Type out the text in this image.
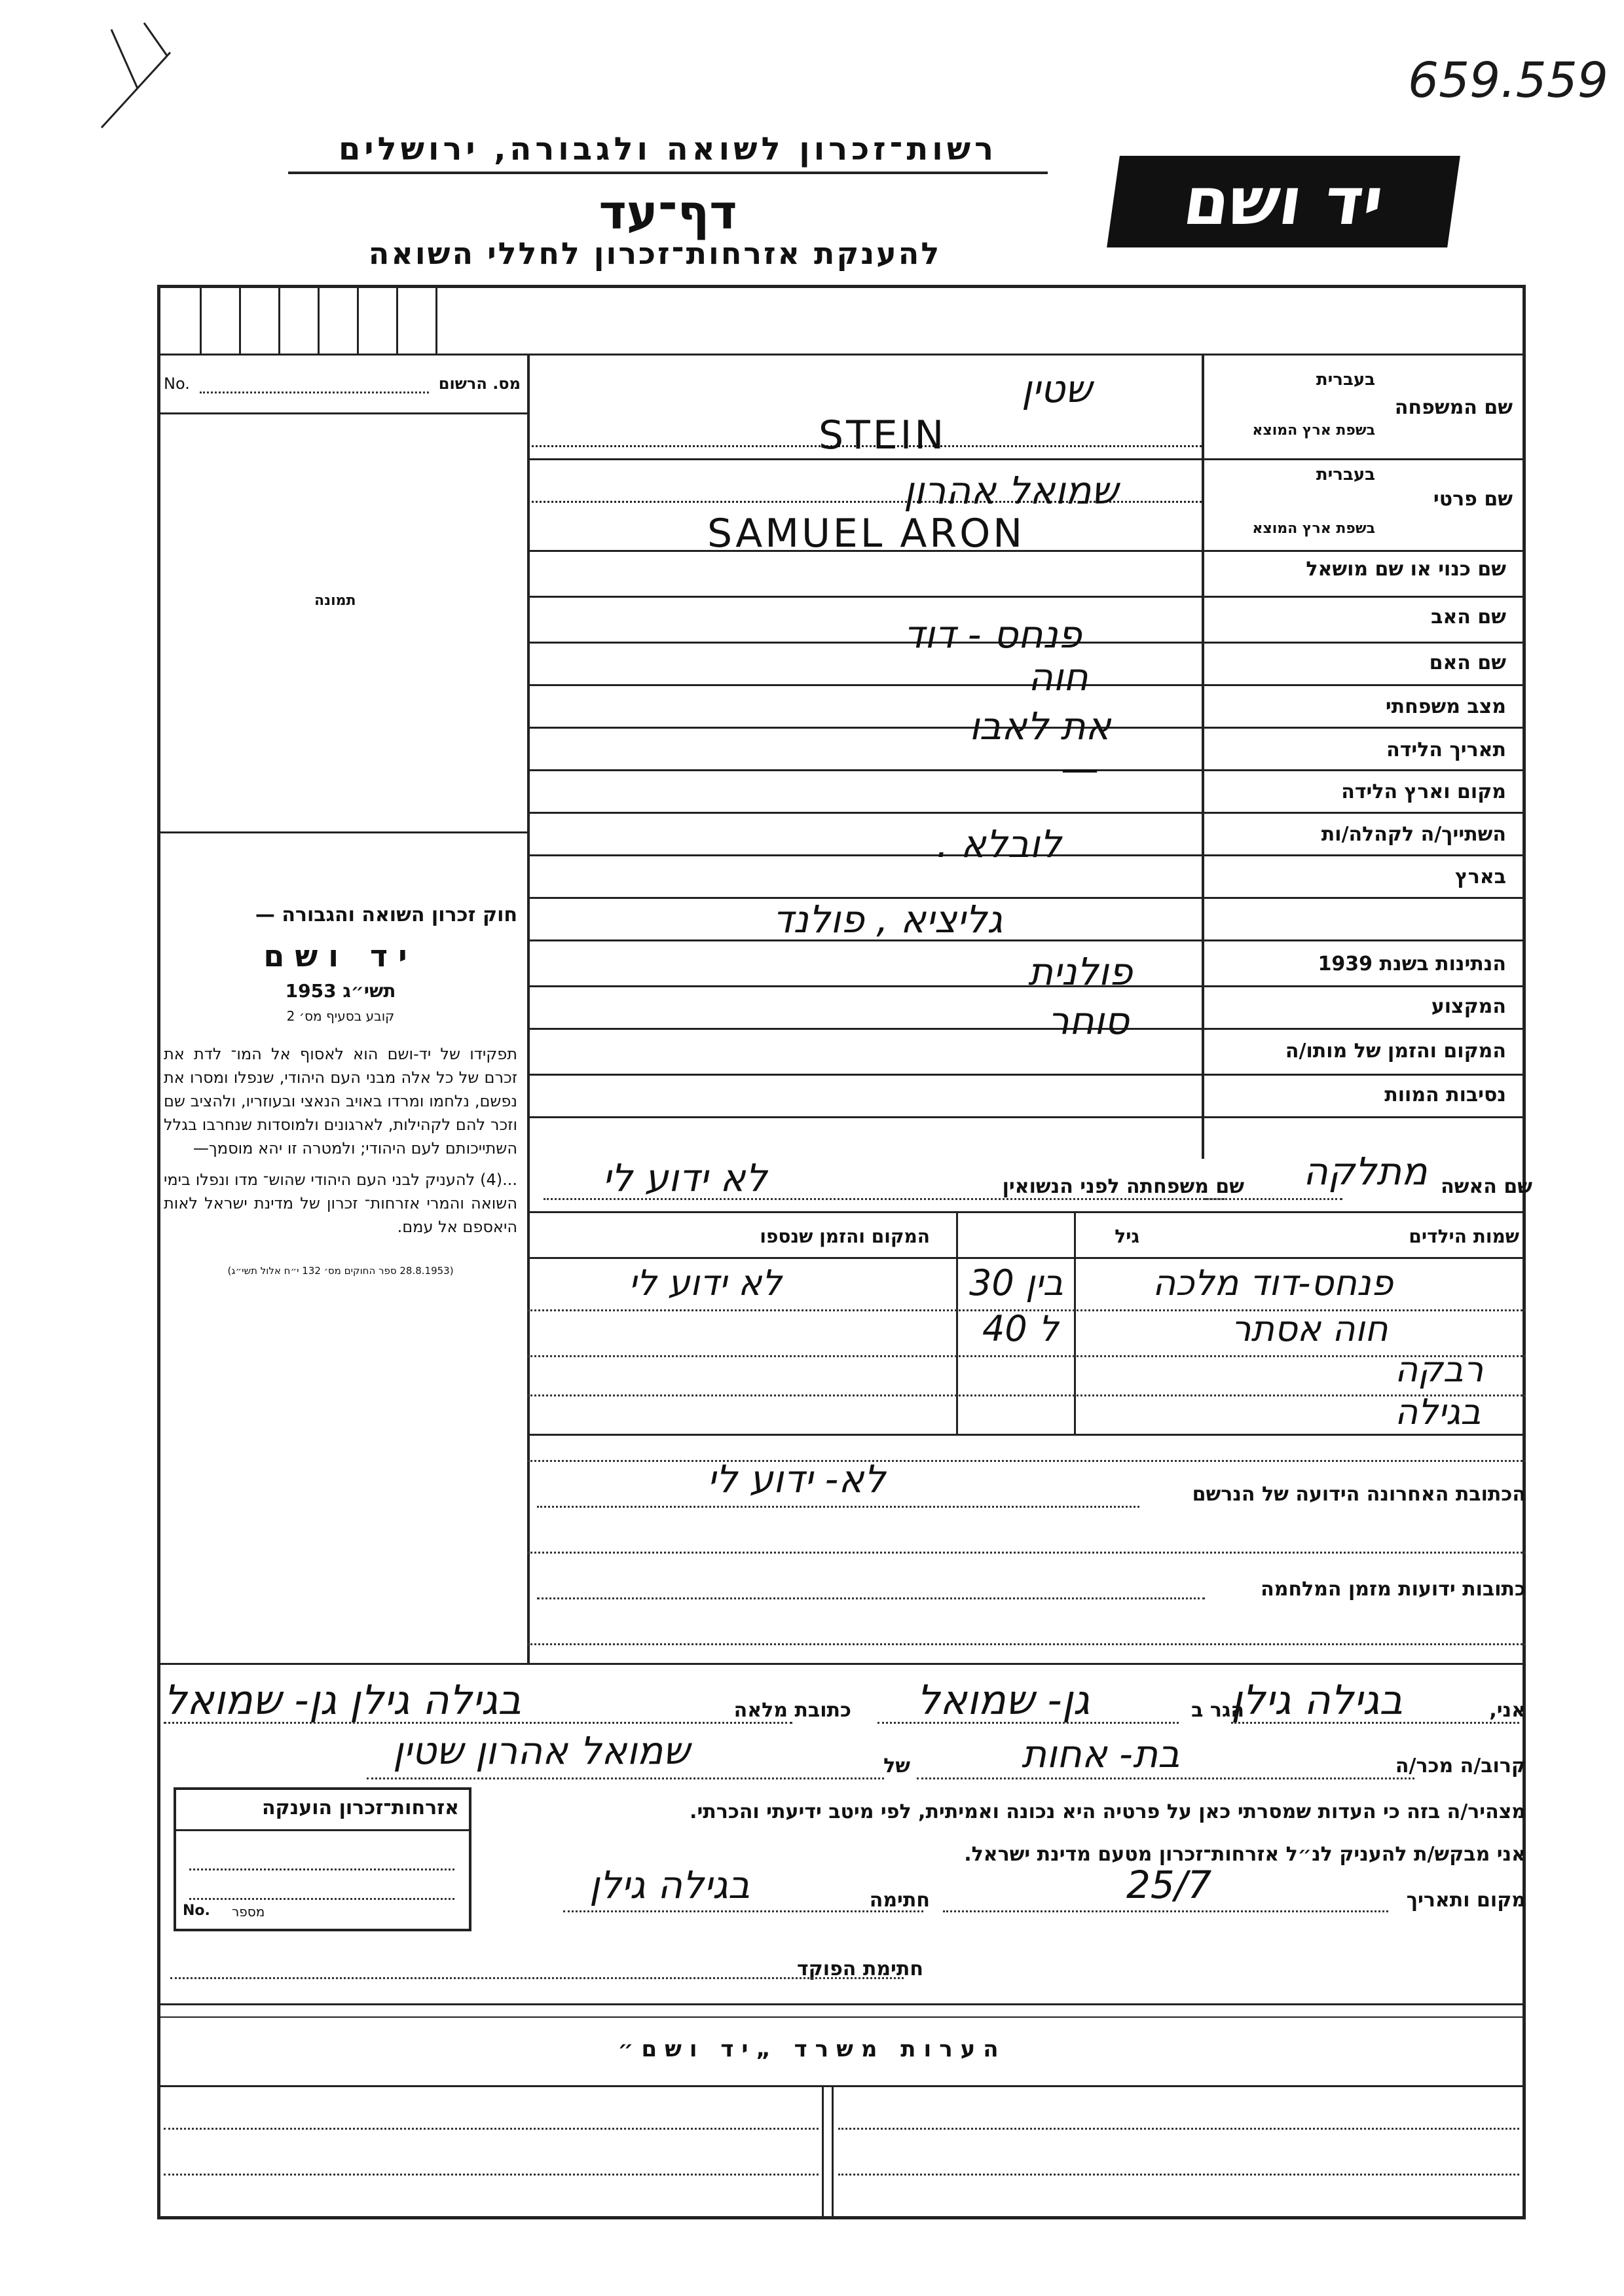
659.559
רשות־זכרון לשואה ולגבורה, ירושלים
דף־עד
להענקת אזרחות־זכרון לחללי השואה
יד ושם
No.	מס. הרשום
תמונה
שם המשפחה
בעברית
בשפת ארץ המוצא
שטין
STEIN
שם פרטי
בעברית
בשפת ארץ המוצא
שמואל אהרון
SAMUEL ARON
שם כנוי או שם מושאל
שם האב
פנחס - דוד
שם האם
חוה
מצב משפחתי
את לאבו
תאריך הלידה
—
מקום וארץ הלידה
השתייך/ה לקהלה/ות
לובלא .
בארץ
גליציא , פולנד
הנתינות בשנת 1939
פולנית
המקצוע
סוחר
המקום והזמן של מותו/ה
נסיבות המוות
שם האשה
מתלקה
שם משפחתה לפני הנשואין
לא ידוע לי
שמות הילדים
גיל
המקום והזמן שנספו
פנחס-דוד מלכה
בין 30
לא ידוע לי
חוה אסתר
ל 40
רבקה
בגילה
חוק זכרון השואה והגבורה —
יד ושם
תשי״ג 1953
קובע בסעיף מס׳ 2
תפקידו של יד-ושם הוא לאסוף אל המו־ לדת את זכרם של כל אלה מבני העם היהודי, שנפלו ומסרו את נפשם, נלחמו ומרדו באויב הנאצי ובעוזריו, ולהציב שם וזכר להם לקהילות, לארגונים ולמוסדות שנחרבו בגלל השתייכותם לעם היהודי; ולמטרה זו יהא מוסמך—
...(4) להעניק לבני העם היהודי שהוש־ מדו ונפלו בימי השואה והמרי אזרחות־ זכרון של מדינת ישראל לאות היאספם אל עמם.
(28.8.1953 ספר החוקים מס׳ 132 י״ח אלול תשי״ג)
הכתובת האחרונה הידועה של הנרשם
לא- ידוע לי
כתובות ידועות מזמן המלחמה
אני,
בגילה גילן
הגר ב
גן- שמואל
כתובת מלאה
בגילה גילן גן- שמואל
קרוב/ה מכר/ה
בת- אחות
של
שמואל אהרון שטין
מצהיר/ה בזה כי העדות שמסרתי כאן על פרטיה היא נכונה ואמיתית, לפי מיטב ידיעתי והכרתי.
אני מבקש/ת להעניק לנ״ל אזרחות־זכרון מטעם מדינת ישראל.
מקום ותאריך
25/7
חתימה
בגילה גילן
חתימת הפוקד
אזרחות־זכרון הוענקה
No. מספר
הערות משרד „יד ושם״
